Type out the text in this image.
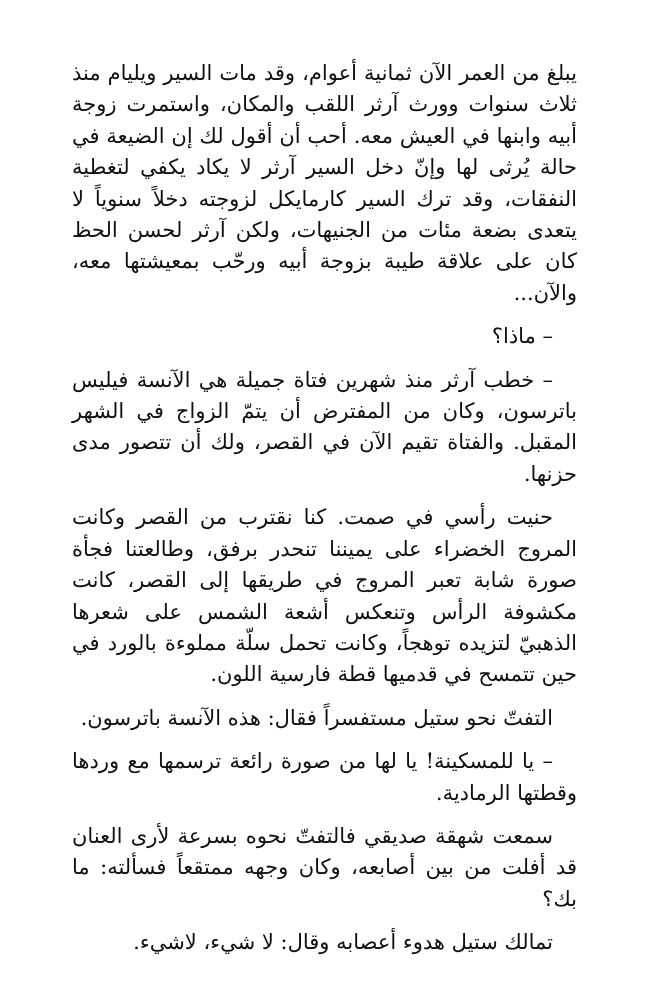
يبلغ من العمر الآن ثمانية أعوام، وقد مات السير ويليام منذ ثلاث سنوات وورث آرثر اللقب والمكان، واستمرت زوجة أبيه وابنها في العيش معه. أحب أن أقول لك إن الضيعة في حالة يُرثى لها وإنّ دخل السير آرثر لا يكاد يكفي لتغطية النفقات، وقد ترك السير كارمايكل لزوجته دخلاً سنوياً لا يتعدى بضعة مئات من الجنيهات، ولكن آرثر لحسن الحظ كان على علاقة طيبة بزوجة أبيه ورحّب بمعيشتها معه، والآن...

– ماذا؟

– خطب آرثر منذ شهرين فتاة جميلة هي الآنسة فيليس باترسون، وكان من المفترض أن يتمّ الزواج في الشهر المقبل. والفتاة تقيم الآن في القصر، ولك أن تتصور مدى حزنها.

حنيت رأسي في صمت. كنا نقترب من القصر وكانت المروج الخضراء على يميننا تنحدر برفق، وطالعتنا فجأة صورة شابة تعبر المروج في طريقها إلى القصر، كانت مكشوفة الرأس وتنعكس أشعة الشمس على شعرها الذهبيّ لتزيده توهجاً، وكانت تحمل سلّة مملوءة بالورد في حين تتمسح في قدميها قطة فارسية اللون.

التفتّ نحو ستيل مستفسراً فقال: هذه الآنسة باترسون.

– يا للمسكينة! يا لها من صورة رائعة ترسمها مع وردها وقطتها الرمادية.

سمعت شهقة صديقي فالتفتّ نحوه بسرعة لأرى العنان قد أفلت من بين أصابعه، وكان وجهه ممتقعاً فسألته: ما بك؟

تمالك ستيل هدوء أعصابه وقال: لا شيء، لاشيء.
